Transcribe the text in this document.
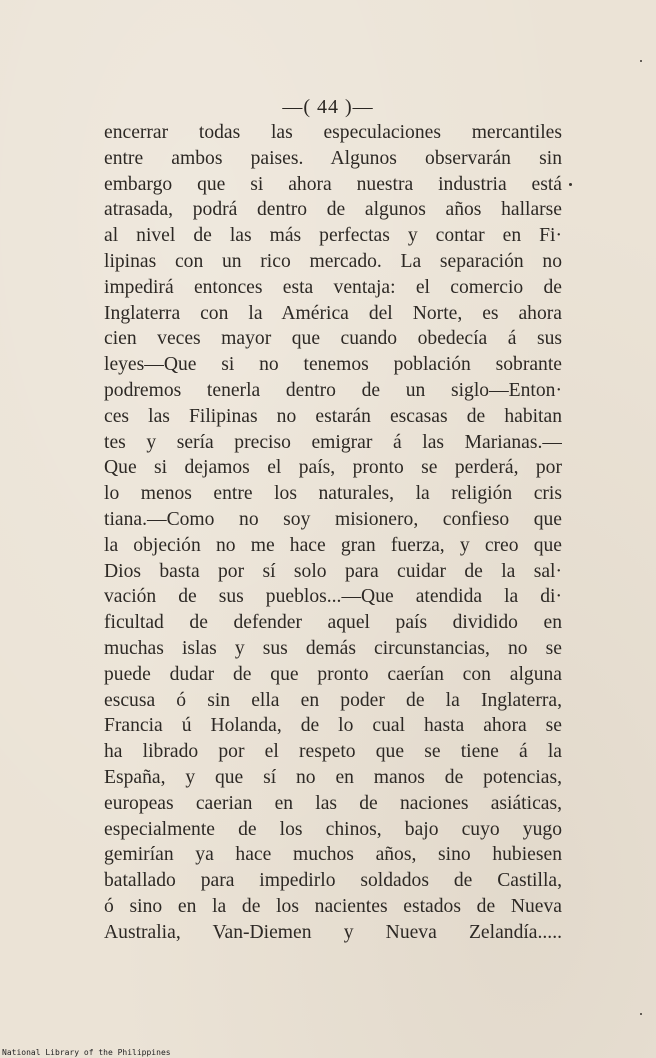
—( 44 )—
encerrar todas las especulaciones mercantiles
entre ambos paises. Algunos observarán sin
embargo que si ahora nuestra industria está
atrasada, podrá dentro de algunos años hallarse
al nivel de las más perfectas y contar en Fi·
lipinas con un rico mercado. La separación no
impedirá entonces esta ventaja: el comercio de
Inglaterra con la América del Norte, es ahora
cien veces mayor que cuando obedecía á sus
leyes—Que si no tenemos población sobrante
podremos tenerla dentro de un siglo—Enton·
ces las Filipinas no estarán escasas de habitan
tes y sería preciso emigrar á las Marianas.—
Que si dejamos el país, pronto se perderá, por
lo menos entre los naturales, la religión cris
tiana.—Como no soy misionero, confieso que
la objeción no me hace gran fuerza, y creo que
Dios basta por sí solo para cuidar de la sal·
vación de sus pueblos...—Que atendida la di·
ficultad de defender aquel país dividido en
muchas islas y sus demás circunstancias, no se
puede dudar de que pronto caerían con alguna
escusa ó sin ella en poder de la Inglaterra,
Francia ú Holanda, de lo cual hasta ahora se
ha librado por el respeto que se tiene á la
España, y que sí no en manos de potencias,
europeas caerian en las de naciones asiáticas,
especialmente de los chinos, bajo cuyo yugo
gemirían ya hace muchos años, sino hubiesen
batallado para impedirlo soldados de Castilla,
ó sino en la de los nacientes estados de Nueva
Australia, Van-Diemen y Nueva Zelandía.....
National Library of the Philippines
